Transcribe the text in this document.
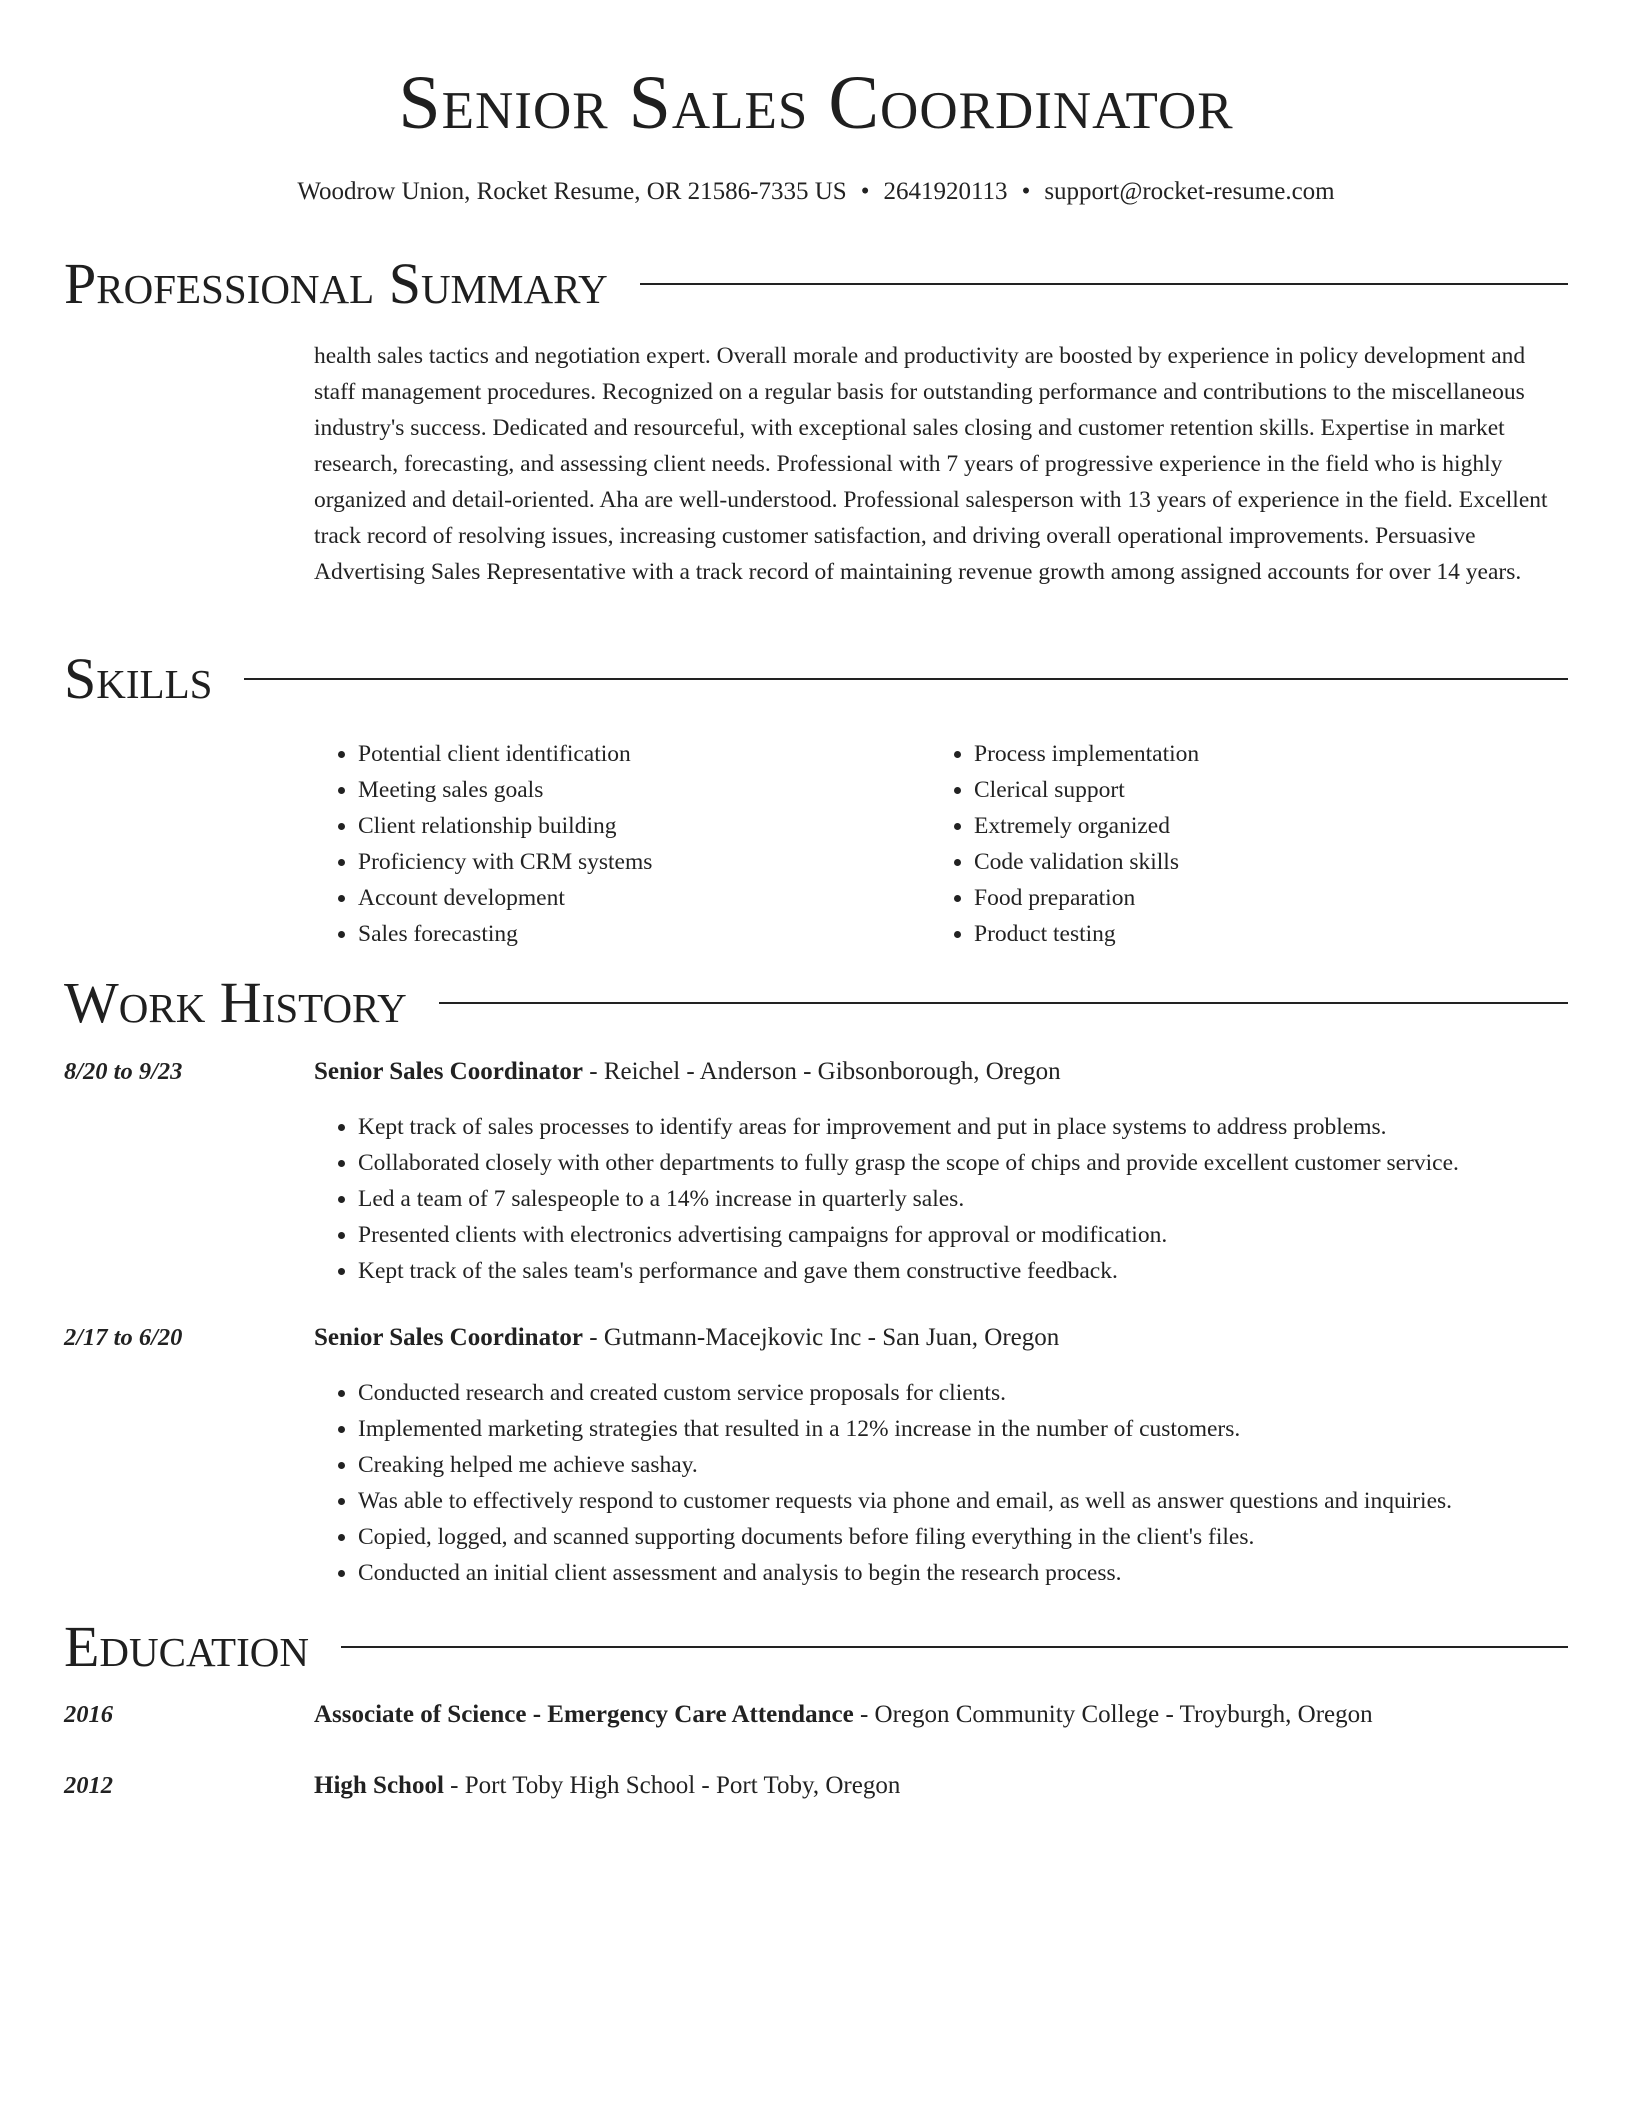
Senior Sales Coordinator
Woodrow Union, Rocket Resume, OR 21586-7335 US • 2641920113 • support@rocket-resume.com
Professional Summary

health sales tactics and negotiation expert. Overall morale and productivity are boosted by experience in policy development and staff management procedures. Recognized on a regular basis for outstanding performance and contributions to the miscellaneous industry's success. Dedicated and resourceful, with exceptional sales closing and customer retention skills. Expertise in market research, forecasting, and assessing client needs. Professional with 7 years of progressive experience in the field who is highly organized and detail-oriented. Aha are well-understood. Professional salesperson with 13 years of experience in the field. Excellent track record of resolving issues, increasing customer satisfaction, and driving overall operational improvements. Persuasive Advertising Sales Representative with a track record of maintaining revenue growth among assigned accounts for over 14 years.

Skills
• Potential client identification
• Meeting sales goals
• Client relationship building
• Proficiency with CRM systems
• Account development
• Sales forecasting
• Process implementation
• Clerical support
• Extremely organized
• Code validation skills
• Food preparation
• Product testing
Work History
8/20 to 9/23	Senior Sales Coordinator - Reichel - Anderson - Gibsonborough, Oregon
• Kept track of sales processes to identify areas for improvement and put in place systems to address problems.
• Collaborated closely with other departments to fully grasp the scope of chips and provide excellent customer service.
• Led a team of 7 salespeople to a 14% increase in quarterly sales.
• Presented clients with electronics advertising campaigns for approval or modification.
• Kept track of the sales team's performance and gave them constructive feedback.
2/17 to 6/20	Senior Sales Coordinator - Gutmann-Macejkovic Inc - San Juan, Oregon
• Conducted research and created custom service proposals for clients.
• Implemented marketing strategies that resulted in a 12% increase in the number of customers.
• Creaking helped me achieve sashay.
• Was able to effectively respond to customer requests via phone and email, as well as answer questions and inquiries.
• Copied, logged, and scanned supporting documents before filing everything in the client's files.
• Conducted an initial client assessment and analysis to begin the research process.
Education
2016	Associate of Science - Emergency Care Attendance - Oregon Community College - Troyburgh, Oregon
2012	High School - Port Toby High School - Port Toby, Oregon
